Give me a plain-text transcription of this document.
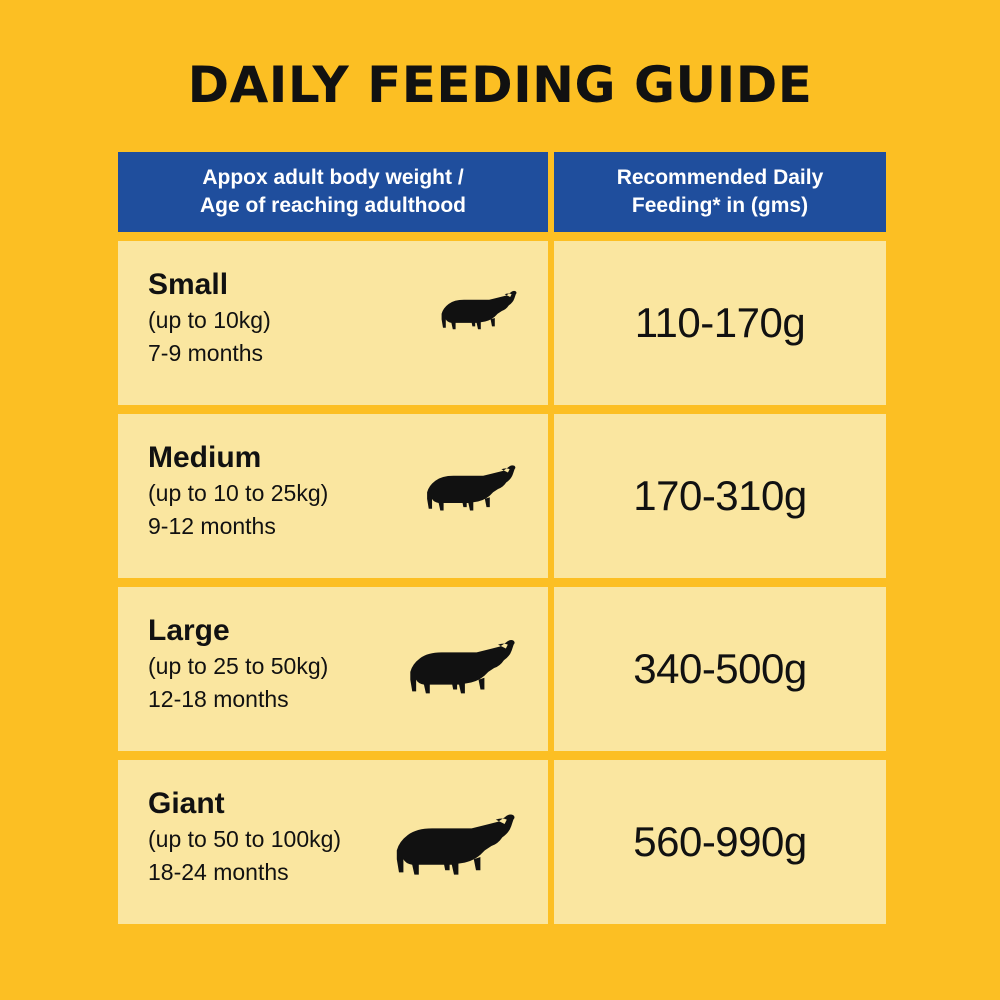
DAILY FEEDING GUIDE
Appox adult body weight /
Age of reaching adulthood
Recommended Daily
Feeding* in (gms)
Small
(up to 10kg)
7-9 months
110-170g
Medium
(up to 10 to 25kg)
9-12 months
170-310g
Large
(up to 25 to 50kg)
12-18 months
340-500g
Giant
(up to 50 to 100kg)
18-24 months
560-990g
